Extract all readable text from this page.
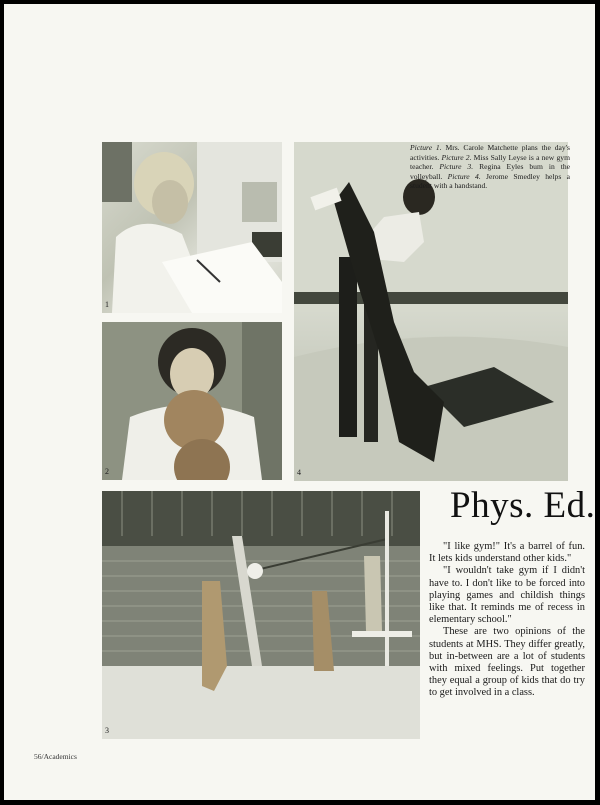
1
2	4
Picture 1. Mrs. Carole Matchette plans the day's activities. Picture 2. Miss Sally Leyse is a new gym teacher. Picture 3. Regina Eyles bum in the volleyball. Picture 4. Jerome Smedley helps a student with a handstand.
3
Phys. Ed.

"I like gym!" It's a barrel of fun. It lets kids understand other kids."

"I wouldn't take gym if I didn't have to. I don't like to be forced into playing games and childish things like that. It reminds me of recess in elementary school."

These are two opinions of the students at MHS. They differ greatly, but in-between are a lot of students with mixed feelings. Put together they equal a group of kids that do try to get involved in a class.

56/Academics
